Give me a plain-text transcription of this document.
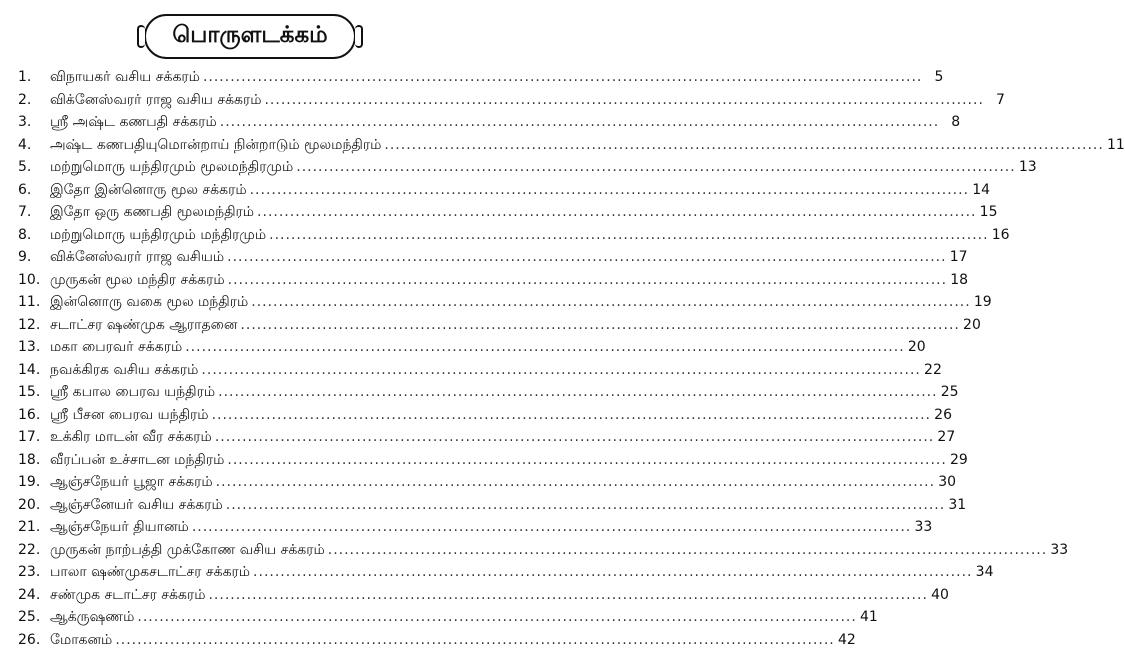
பொருளடக்கம்
1.	விநாயகர் வசிய சக்கரம் .....	5
2.	விக்னேஸ்வரர் ராஜ வசிய சக்கரம் .....	7
3.	ஸ்ரீ அஷ்ட கணபதி சக்கரம் .....	8
4.	அஷ்ட கணபதியுமொன்றாய் நின்றாடும் மூலமந்திரம் .....	11
5.	மற்றுமொரு யந்திரமும் மூலமந்திரமும் .....	13
6.	இதோ இன்னொரு மூல சக்கரம் .....	14
7.	இதோ ஒரு கணபதி மூலமந்திரம் .....	15
8.	மற்றுமொரு யந்திரமும் மந்திரமும் .....	16
9.	விக்னேஸ்வரர் ராஜ வசியம் .....	17
10. முருகன் மூல மந்திர சக்கரம் .....	18
11. இன்னொரு வகை மூல மந்திரம் .....	19
12. சடாட்சர ஷண்முக ஆராதனை .....	20
13. மகா பைரவர் சக்கரம் .....	20
14. நவக்கிரக வசிய சக்கரம் .....	22
15. ஸ்ரீ கபால பைரவ யந்திரம் .....	25
16. ஸ்ரீ பீசன பைரவ யந்திரம் .....	26
17. உக்கிர மாடன் வீர சக்கரம் .....	27
18. வீரப்பன் உச்சாடன மந்திரம் .....	29
19. ஆஞ்சநேயர் பூஜா சக்கரம் .....	30
20. ஆஞ்சனேயர் வசிய சக்கரம் .....	31
21. ஆஞ்சநேயர் தியானம் .....	33
22. முருகன் நாற்பத்தி முக்கோண வசிய சக்கரம் .....	33
23. பாலா ஷண்முகசடாட்சர சக்கரம் .....	34
24. சண்முக சடாட்சர சக்கரம் .....	40
25. ஆக்ருஷணம் .....	41
26. மோகனம் .....	42
